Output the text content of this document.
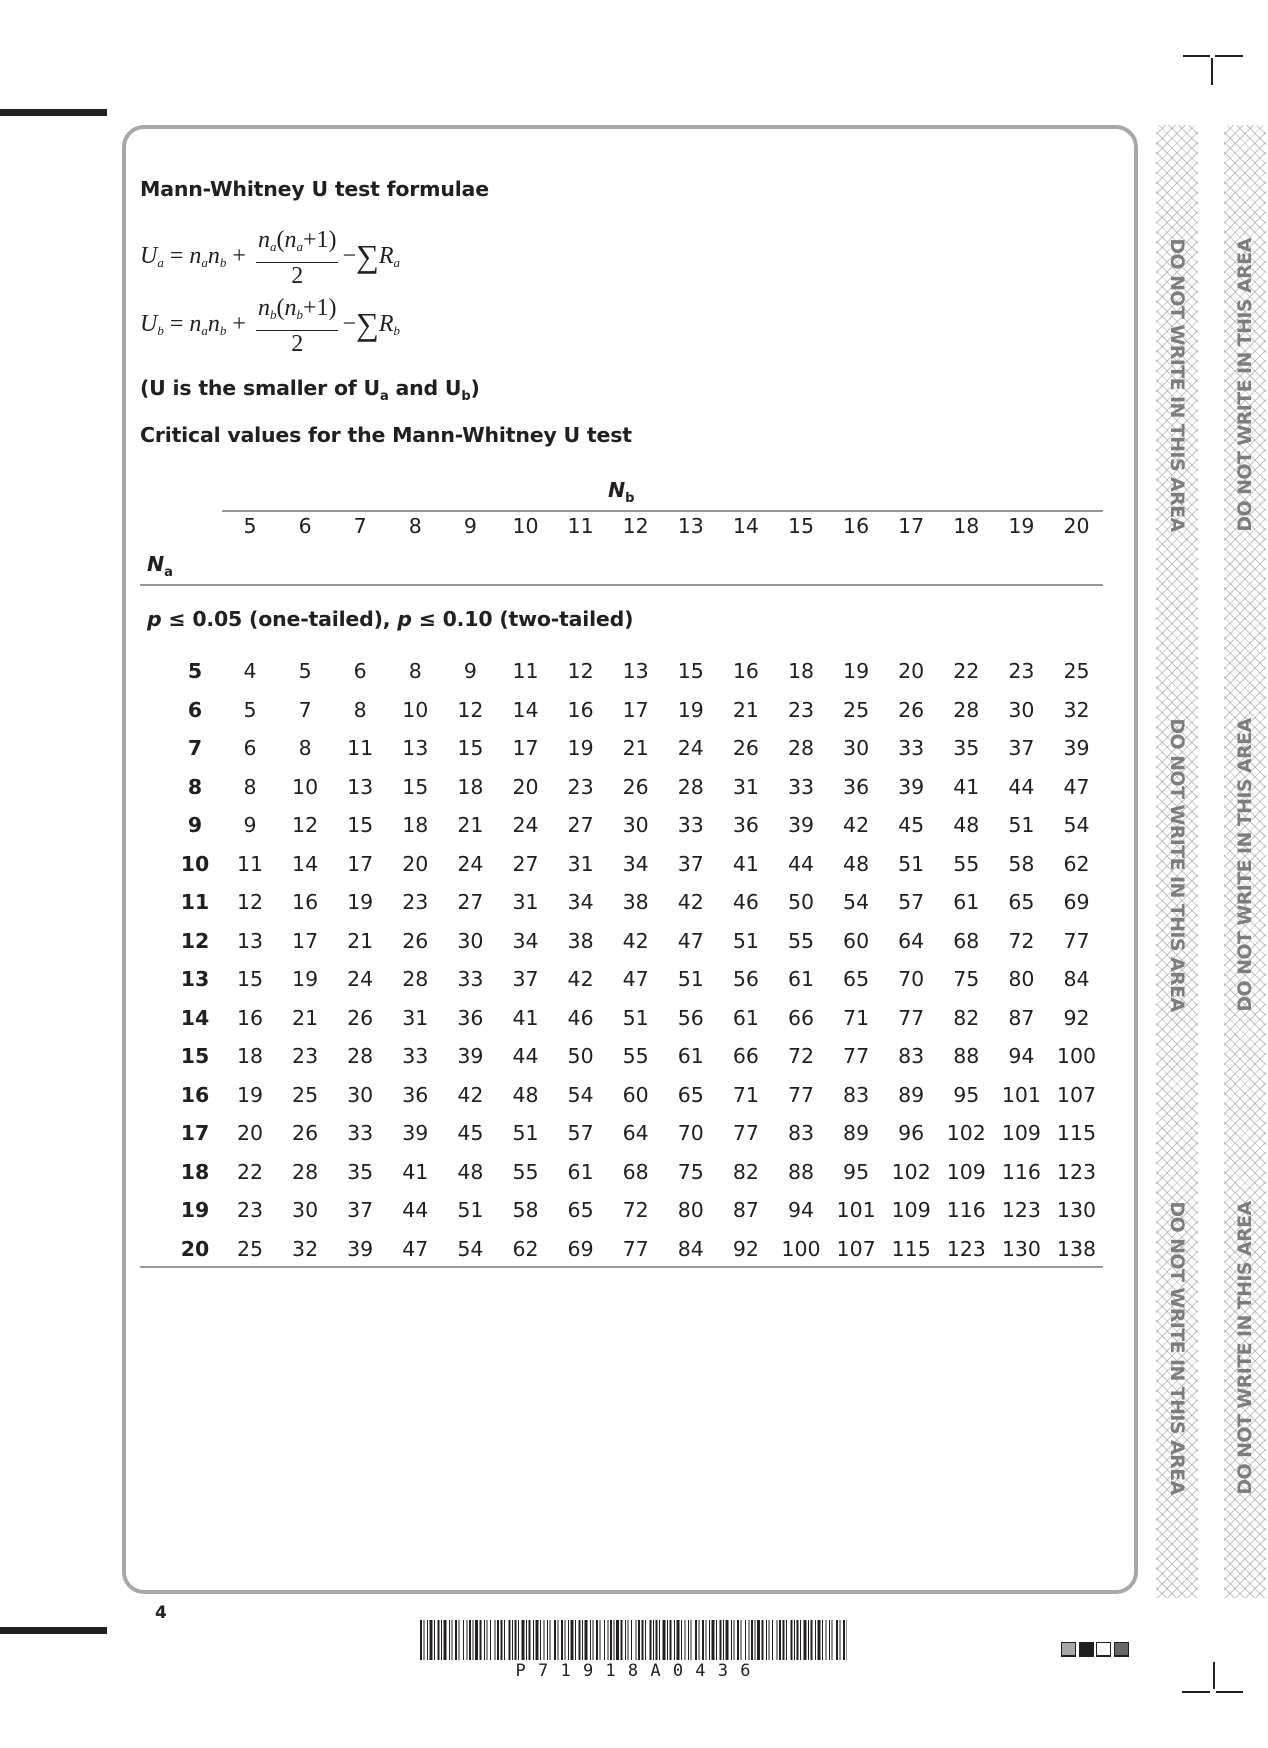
DO NOT WRITE IN THIS AREA
DO NOT WRITE IN THIS AREA
DO NOT WRITE IN THIS AREA
DO NOT WRITE IN THIS AREA
DO NOT WRITE IN THIS AREA
DO NOT WRITE IN THIS AREA
Mann-Whitney U test formulae
$U_a = n_an_b + \frac{n_a(n_a+1)}{2} -\sum R_a$
$U_b = n_an_b + \frac{n_b(n_b+1)}{2} -\sum R_b$
(U is the smaller of $U_a$ and $U_b$)
Critical values for the Mann-Whitney U test
$N_b$
5 6 7 8 9 10 11 12 13 14 15 16 17 18 19 20
$N_a$
p ≤ 0.05 (one-tailed), p ≤ 0.10 (two-tailed)
5 4 5 6 8 9 11 12 13 15 16 18 19 20 22 23 25
6 5 7 8 10 12 14 16 17 19 21 23 25 26 28 30 32
7 6 8 11 13 15 17 19 21 24 26 28 30 33 35 37 39
8 8 10 13 15 18 20 23 26 28 31 33 36 39 41 44 47
9 9 12 15 18 21 24 27 30 33 36 39 42 45 48 51 54
10 11 14 17 20 24 27 31 34 37 41 44 48 51 55 58 62
11 12 16 19 23 27 31 34 38 42 46 50 54 57 61 65 69
12 13 17 21 26 30 34 38 42 47 51 55 60 64 68 72 77
13 15 19 24 28 33 37 42 47 51 56 61 65 70 75 80 84
14 16 21 26 31 36 41 46 51 56 61 66 71 77 82 87 92
15 18 23 28 33 39 44 50 55 61 66 72 77 83 88 94 100
16 19 25 30 36 42 48 54 60 65 71 77 83 89 95 101 107
17 20 26 33 39 45 51 57 64 70 77 83 89 96 102 109 115
18 22 28 35 41 48 55 61 68 75 82 88 95 102 109 116 123
19 23 30 37 44 51 58 65 72 80 87 94 101 109 116 123 130
20 25 32 39 47 54 62 69 77 84 92 100 107 115 123 130 138
4
P 7 1 9 1 8 A 0 4 3 6
